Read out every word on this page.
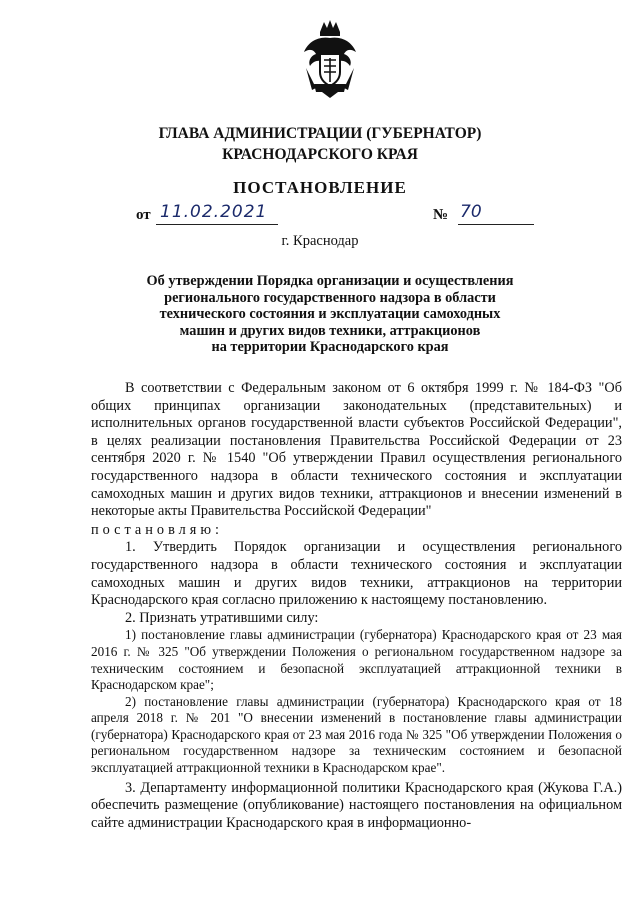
ГЛАВА АДМИНИСТРАЦИИ (ГУБЕРНАТОР)
КРАСНОДАРСКОГО КРАЯ
ПОСТАНОВЛЕНИЕ
от 11.02.2021	№ 70
г. Краснодар
Об утверждении Порядка организации и осуществления
регионального государственного надзора в области
технического состояния и эксплуатации самоходных
машин и других видов техники, аттракционов
на территории Краснодарского края

В соответствии с Федеральным законом от 6 октября 1999 г. № 184-ФЗ "Об общих принципах организации законодательных (представительных) и исполнительных органов государственной власти субъектов Российской Федерации", в целях реализации постановления Правительства Российской Федерации от 23 сентября 2020 г. № 1540 "Об утверждении Правил осуществления регионального государственного надзора в области технического состояния и эксплуатации самоходных машин и других видов техники, аттракционов и внесении изменений в некоторые акты Правительства Российской Федерации"

постановляю:

1. Утвердить Порядок организации и осуществления регионального государственного надзора в области технического состояния и эксплуатации самоходных машин и других видов техники, аттракционов на территории Краснодарского края согласно приложению к настоящему постановлению.

2. Признать утратившими силу:

1) постановление главы администрации (губернатора) Краснодарского края от 23 мая 2016 г. № 325 "Об утверждении Положения о региональном государственном надзоре за техническим состоянием и безопасной эксплуатацией аттракционной техники в Краснодарском крае";

2) постановление главы администрации (губернатора) Краснодарского края от 18 апреля 2018 г. № 201 "О внесении изменений в постановление главы администрации (губернатора) Краснодарского края от 23 мая 2016 года № 325 "Об утверждении Положения о региональном государственном надзоре за техническим состоянием и безопасной эксплуатацией аттракционной техники в Краснодарском крае".

3. Департаменту информационной политики Краснодарского края (Жукова Г.А.) обеспечить размещение (опубликование) настоящего постановления на официальном сайте администрации Краснодарского края в информационно-
